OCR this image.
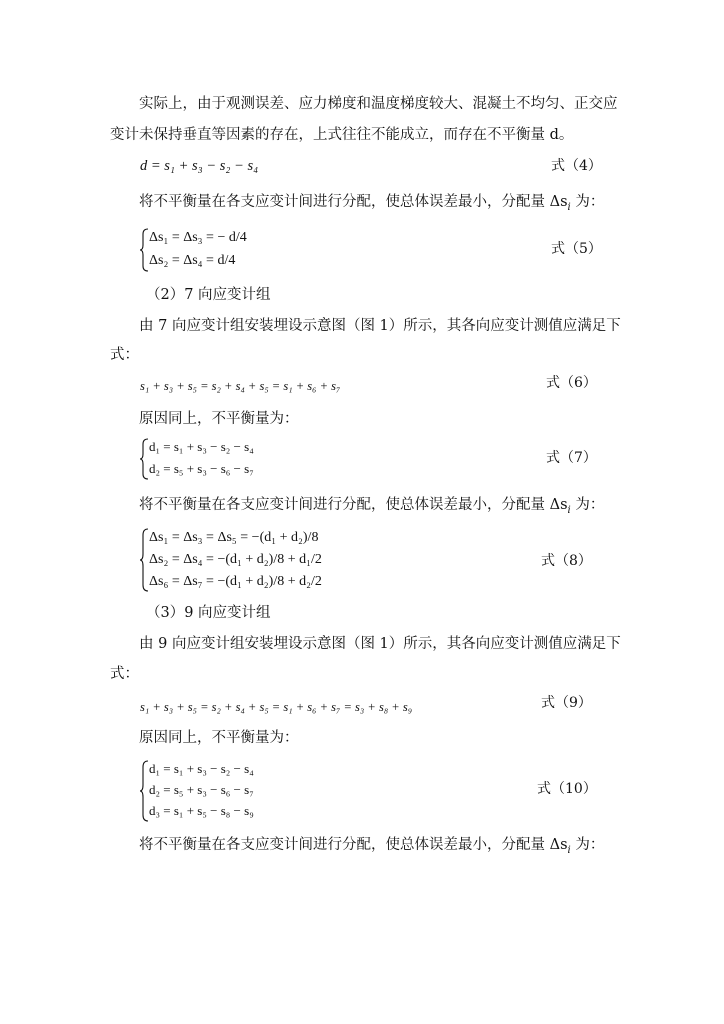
实际上，由于观测误差、应力梯度和温度梯度较大、混凝土不均匀、正交应
变计未保持垂直等因素的存在，上式往往不能成立，而存在不平衡量 d。
d = s₁ + s₃ − s₂ − s₄	式（4）
将不平衡量在各支应变计间进行分配，使总体误差最小，分配量 $\Delta s_i$ 为：
Δs₁ = Δs₃ = − d/4
Δs₂ = Δs₄ = d/4
式（5）
（2）7 向应变计组
由 7 向应变计组安装埋设示意图（图 1）所示，其各向应变计测值应满足下
式：
s₁ + s₃ + s₅ = s₂ + s₄ + s₅ = s₁ + s₆ + s₇	式（6）
原因同上，不平衡量为：
d₁ = s₁ + s₃ − s₂ − s₄
d₂ = s₅ + s₃ − s₆ − s₇
式（7）
将不平衡量在各支应变计间进行分配，使总体误差最小，分配量 $\Delta s_i$ 为：
Δs₁ = Δs₃ = Δs₅ = −(d₁ + d₂)/8
Δs₂ = Δs₄ = −(d₁ + d₂)/8 + d₁/2
Δs₆ = Δs₇ = −(d₁ + d₂)/8 + d₂/2
式（8）
（3）9 向应变计组
由 9 向应变计组安装埋设示意图（图 1）所示，其各向应变计测值应满足下
式：
s₁ + s₃ + s₅ = s₂ + s₄ + s₅ = s₁ + s₆ + s₇ = s₃ + s₈ + s₉	式（9）
原因同上，不平衡量为：
d₁ = s₁ + s₃ − s₂ − s₄
d₂ = s₅ + s₃ − s₆ − s₇
d₃ = s₁ + s₅ − s₈ − s₉
式（10）
将不平衡量在各支应变计间进行分配，使总体误差最小，分配量 $\Delta s_i$ 为：
